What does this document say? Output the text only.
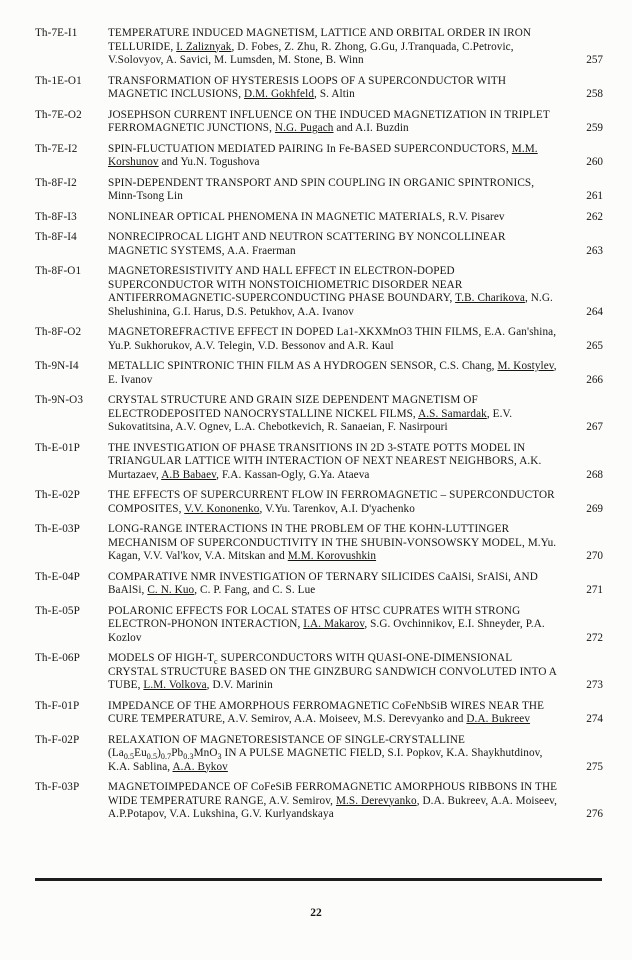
Th-7E-I1	TEMPERATURE INDUCED MAGNETISM, LATTICE AND ORBITAL ORDER IN IRON TELLURIDE, I. Zaliznyak, D. Fobes, Z. Zhu, R. Zhong, G.Gu, J.Tranquada, C.Petrovic, V.Solovyov, A. Savici, M. Lumsden, M. Stone, B. Winn	257
Th-1E-O1	TRANSFORMATION OF HYSTERESIS LOOPS OF A SUPERCONDUCTOR WITH MAGNETIC INCLUSIONS, D.M. Gokhfeld, S. Altin	258
Th-7E-O2	JOSEPHSON CURRENT INFLUENCE ON THE INDUCED MAGNETIZATION IN TRIPLET FERROMAGNETIC JUNCTIONS, N.G. Pugach and A.I. Buzdin	259
Th-7E-I2	SPIN-FLUCTUATION MEDIATED PAIRING In Fe-BASED SUPERCONDUCTORS, M.M. Korshunov and Yu.N. Togushova	260
Th-8F-I2	SPIN-DEPENDENT TRANSPORT AND SPIN COUPLING IN ORGANIC SPINTRONICS, Minn-Tsong Lin	261
Th-8F-I3	NONLINEAR OPTICAL PHENOMENA IN MAGNETIC MATERIALS, R.V. Pisarev	262
Th-8F-I4	NONRECIPROCAL LIGHT AND NEUTRON SCATTERING BY NONCOLLINEAR MAGNETIC SYSTEMS, A.A. Fraerman	263
Th-8F-O1	MAGNETORESISTIVITY AND HALL EFFECT IN ELECTRON-DOPED SUPERCONDUCTOR WITH NONSTOICHIOMETRIC DISORDER NEAR ANTIFERROMAGNETIC-SUPERCONDUCTING PHASE BOUNDARY, T.B. Charikova, N.G. Shelushinina, G.I. Harus, D.S. Petukhov, A.A. Ivanov	264
Th-8F-O2	MAGNETOREFRACTIVE EFFECT IN DOPED La1-XKXMnO3 THIN FILMS, E.A. Gan'shina, Yu.P. Sukhorukov, A.V. Telegin, V.D. Bessonov and A.R. Kaul	265
Th-9N-I4	METALLIC SPINTRONIC THIN FILM AS A HYDROGEN SENSOR, C.S. Chang, M. Kostylev, E. Ivanov	266
Th-9N-O3	CRYSTAL STRUCTURE AND GRAIN SIZE DEPENDENT MAGNETISM OF ELECTRODEPOSITED NANOCRYSTALLINE NICKEL FILMS, A.S. Samardak, E.V. Sukovatitsina, A.V. Ognev, L.A. Chebotkevich, R. Sanaeian, F. Nasirpouri	267
Th-E-01P	THE INVESTIGATION OF PHASE TRANSITIONS IN 2D 3-STATE POTTS MODEL IN TRIANGULAR LATTICE WITH INTERACTION OF NEXT NEAREST NEIGHBORS, A.K. Murtazaev, A.B Babaev, F.A. Kassan-Ogly, G.Ya. Ataeva	268
Th-E-02P	THE EFFECTS OF SUPERCURRENT FLOW IN FERROMAGNETIC – SUPERCONDUCTOR COMPOSITES, V.V. Kononenko, V.Yu. Tarenkov, A.I. D'yachenko	269
Th-E-03P	LONG-RANGE INTERACTIONS IN THE PROBLEM OF THE KOHN-LUTTINGER MECHANISM OF SUPERCONDUCTIVITY IN THE SHUBIN-VONSOWSKY MODEL, M.Yu. Kagan, V.V. Val'kov, V.A. Mitskan and M.M. Korovushkin	270
Th-E-04P	COMPARATIVE NMR INVESTIGATION OF TERNARY SILICIDES CaAlSi, SrAlSi, AND BaAlSi, C. N. Kuo, C. P. Fang, and C. S. Lue	271
Th-E-05P	POLARONIC EFFECTS FOR LOCAL STATES OF HTSC CUPRATES WITH STRONG ELECTRON-PHONON INTERACTION, I.A. Makarov, S.G. Ovchinnikov, E.I. Shneyder, P.A. Kozlov	272
Th-E-06P	MODELS OF HIGH-$T_c$ SUPERCONDUCTORS WITH QUASI-ONE-DIMENSIONAL CRYSTAL STRUCTURE BASED ON THE GINZBURG SANDWICH CONVOLUTED INTO A TUBE, L.M. Volkova, D.V. Marinin	273
Th-F-01P	IMPEDANCE OF THE AMORPHOUS FERROMAGNETIC CoFeNbSiB WIRES NEAR THE CURE TEMPERATURE, A.V. Semirov, A.A. Moiseev, M.S. Derevyanko and D.A. Bukreev	274
Th-F-02P	RELAXATION OF MAGNETORESISTANCE OF SINGLE-CRYSTALLINE $(La_{0.5}Eu_{0.5})_{0.7}Pb_{0.3}MnO_3$ IN A PULSE MAGNETIC FIELD, S.I. Popkov, K.A. Shaykhutdinov, K.A. Sablina, A.A. Bykov	275
Th-F-03P	MAGNETOIMPEDANCE OF CoFeSiB FERROMAGNETIC AMORPHOUS RIBBONS IN THE WIDE TEMPERATURE RANGE, A.V. Semirov, M.S. Derevyanko, D.A. Bukreev, A.A. Moiseev, A.P.Potapov, V.A. Lukshina, G.V. Kurlyandskaya	276
22
